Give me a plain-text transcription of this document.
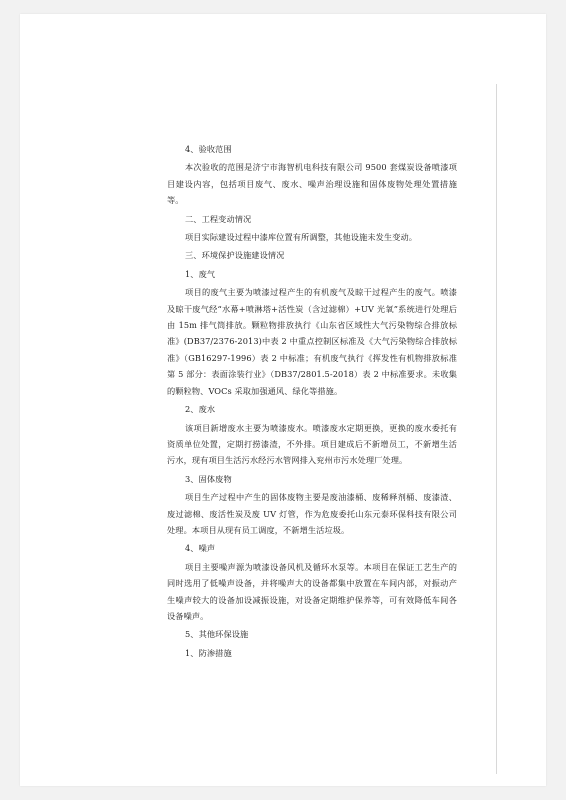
4、验收范围

本次验收的范围是济宁市海智机电科技有限公司 9500 套煤炭设备喷漆项目建设内容，包括项目废气、废水、噪声治理设施和固体废物处理处置措施等。

二、工程变动情况

项目实际建设过程中漆库位置有所调整，其他设施未发生变动。

三、环境保护设施建设情况

1、废气

项目的废气主要为喷漆过程产生的有机废气及晾干过程产生的废气。喷漆及晾干废气经“水幕+喷淋塔+活性炭（含过滤棉）+UV 光氧”系统进行处理后由 15m 排气筒排放。颗粒物排放执行《山东省区域性大气污染物综合排放标准》(DB37/2376-2013)中表 2 中重点控制区标准及《大气污染物综合排放标准》（GB16297-1996）表 2 中标准；有机废气执行《挥发性有机物排放标准第 5 部分：表面涂装行业》（DB37/2801.5-2018）表 2 中标准要求。未收集的颗粒物、VOCs 采取加强通风、绿化等措施。

2、废水

该项目新增废水主要为喷漆废水。喷漆废水定期更换，更换的废水委托有资质单位处置，定期打捞漆渣，不外排。项目建成后不新增员工，不新增生活污水，现有项目生活污水经污水管网排入兖州市污水处理厂处理。

3、固体废物

项目生产过程中产生的固体废物主要是废油漆桶、废稀释剂桶、废漆渣、废过滤棉、废活性炭及废 UV 灯管，作为危废委托山东元泰环保科技有限公司处理。本项目从现有员工调度，不新增生活垃圾。

4、噪声

项目主要噪声源为喷漆设备风机及循环水泵等。本项目在保证工艺生产的同时选用了低噪声设备，并将噪声大的设备都集中放置在车间内部，对振动产生噪声较大的设备加设减振设施，对设备定期维护保养等，可有效降低车间各设备噪声。

5、其他环保设施

1、防渗措施
